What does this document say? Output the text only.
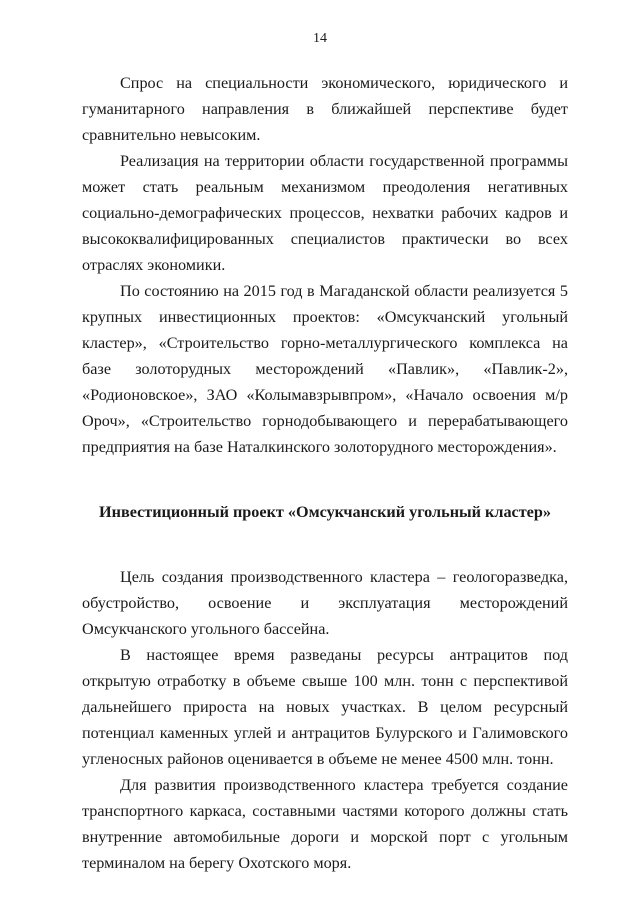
14

Спрос на специальности экономического, юридического и гуманитарного направления в ближайшей перспективе будет сравнительно невысоким.

Реализация на территории области государственной программы может стать реальным механизмом преодоления негативных социально-демографических процессов, нехватки рабочих кадров и высококвалифицированных специалистов практически во всех отраслях экономики.

По состоянию на 2015 год в Магаданской области реализуется 5 крупных инвестиционных проектов: «Омсукчанский угольный кластер», «Строительство горно-металлургического комплекса на базе золоторудных месторождений «Павлик», «Павлик-2», «Родионовское», ЗАО «Колымавзрывпром», «Начало освоения м/р Ороч», «Строительство горнодобывающего и перерабатывающего предприятия на базе Наталкинского золоторудного месторождения».

Инвестиционный проект «Омсукчанский угольный кластер»

Цель создания производственного кластера – геологоразведка, обустройство, освоение и эксплуатация месторождений Омсукчанского угольного бассейна.

В настоящее время разведаны ресурсы антрацитов под открытую отработку в объеме свыше 100 млн. тонн с перспективой дальнейшего прироста на новых участках. В целом ресурсный потенциал каменных углей и антрацитов Булурского и Галимовского угленосных районов оценивается в объеме не менее 4500 млн. тонн.

Для развития производственного кластера требуется создание транспортного каркаса, составными частями которого должны стать внутренние автомобильные дороги и морской порт с угольным терминалом на берегу Охотского моря.
